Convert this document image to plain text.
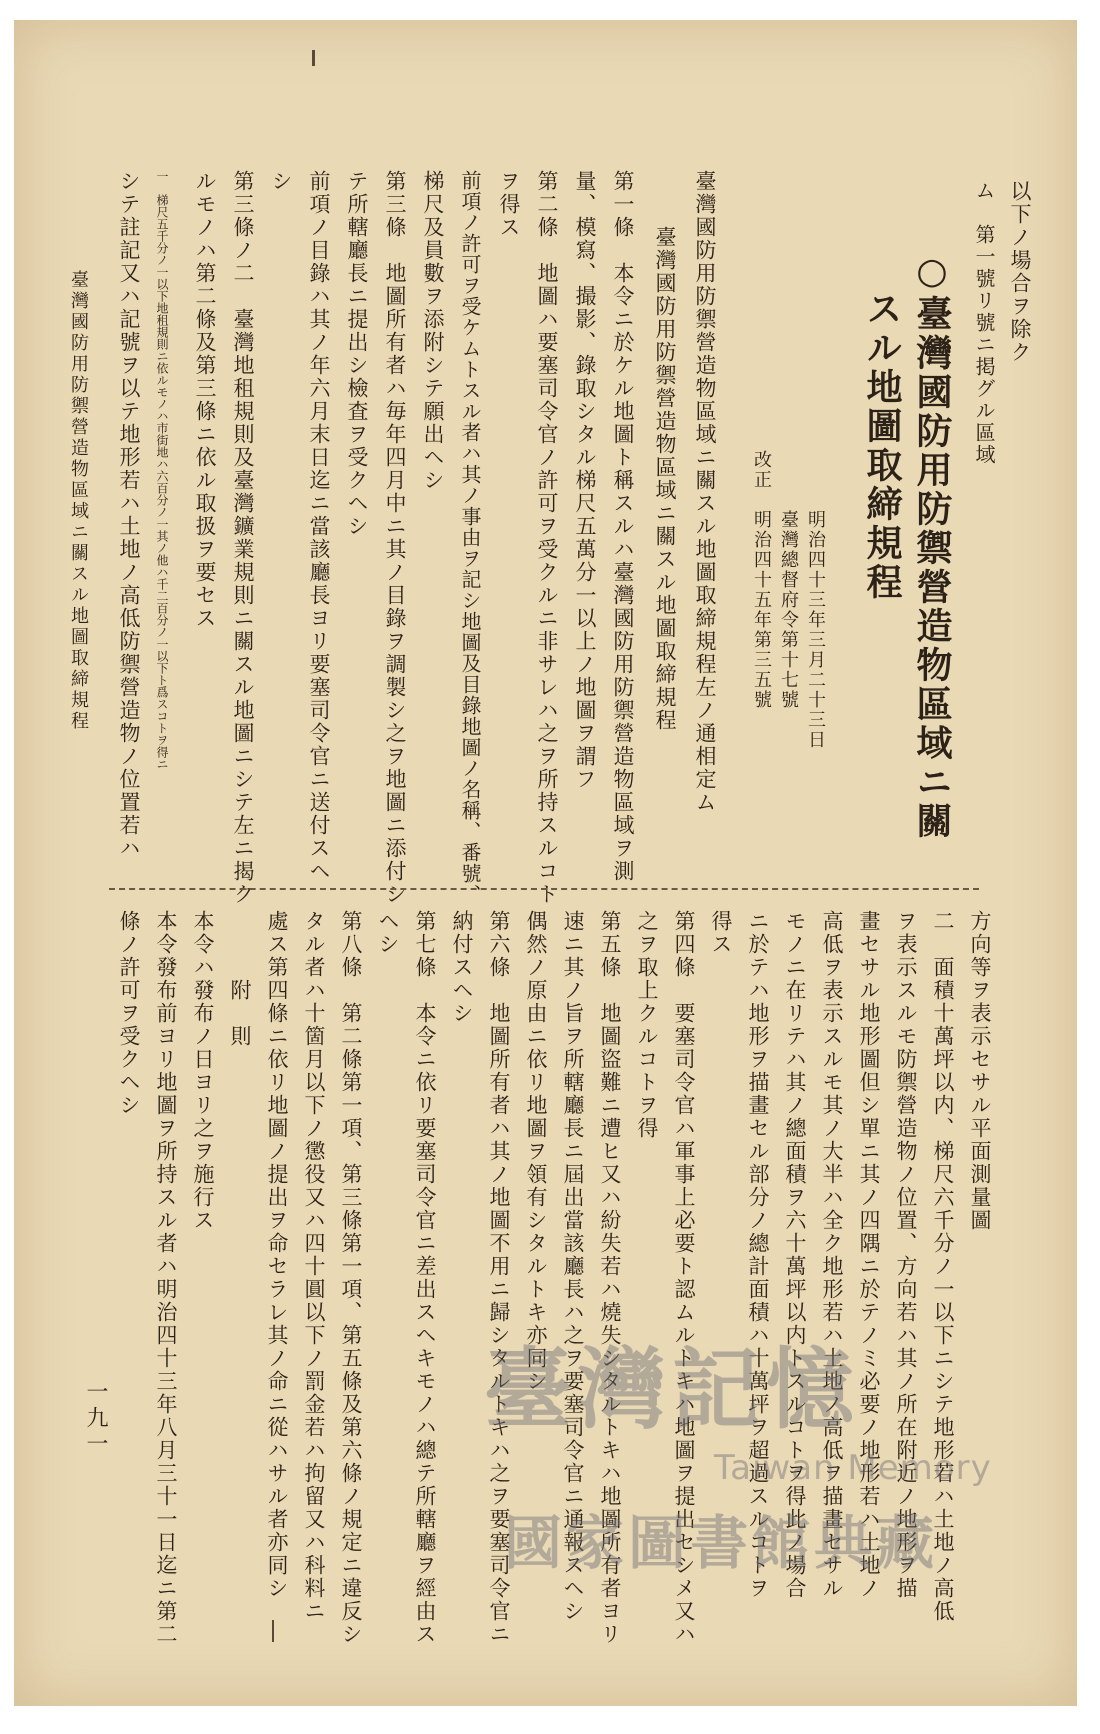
以下ノ場合ヲ除ク
ム　第一號リ號ニ掲グル區域
○臺灣國防用防禦營造物區域ニ關
スル地圖取締規程
明治四十三年三月二十三日
臺灣總督府令第十七號
改正　明治四十五年第三五號
臺灣國防用防禦營造物區域ニ關スル地圖取締規程左ノ通相定ム
　　臺灣國防用防禦營造物區域ニ關スル地圖取締規程
第一條　本令ニ於ケル地圖ト稱スルハ臺灣國防用防禦營造物區域ヲ測
量、模寫、撮影、錄取シタル梯尺五萬分一以上ノ地圖ヲ謂フ
第二條　地圖ハ要塞司令官ノ許可ヲ受クルニ非サレハ之ヲ所持スルコト
ヲ得ス
前項ノ許可ヲ受ケムトスル者ハ其ノ事由ヲ記シ地圖及目錄地圖ノ名稱、番號、
梯尺及員數ヲ添附シテ願出ヘシ
第三條　地圖所有者ハ毎年四月中ニ其ノ目錄ヲ調製シ之ヲ地圖ニ添付シ
テ所轄廳長ニ提出シ檢査ヲ受クヘシ
前項ノ目錄ハ其ノ年六月末日迄ニ當該廳長ヨリ要塞司令官ニ送付スヘ
シ
第三條ノ二　臺灣地租規則及臺灣鑛業規則ニ關スル地圖ニシテ左ニ揭ク
ルモノハ第二條及第三條ニ依ル取扱ヲ要セス
一　梯尺五千分ノ一以下地租規則ニ依ルモノハ市街地ハ六百分ノ一其ノ他ハ千二百分ノ一以下ト爲スコトヲ得ニ
シテ註記又ハ記號ヲ以テ地形若ハ土地ノ高低防禦營造物ノ位置若ハ
臺灣國防用防禦營造物區域ニ關スル地圖取締規程
方向等ヲ表示セサル平面測量圖
二　面積十萬坪以内、梯尺六千分ノ一以下ニシテ地形若ハ土地ノ高低
ヲ表示スルモ防禦營造物ノ位置、方向若ハ其ノ所在附近ノ地形ヲ描
畫セサル地形圖但シ單ニ其ノ四隅ニ於テノミ必要ノ地形若ハ土地ノ
高低ヲ表示スルモ其ノ大半ハ全ク地形若ハ土地ノ高低ヲ描畫セサル
モノニ在リテハ其ノ總面積ヲ六十萬坪以内トスルコトヲ得此ノ場合
ニ於テハ地形ヲ描畫セル部分ノ總計面積ハ十萬坪ヲ超過スルコトヲ
得ス
第四條　要塞司令官ハ軍事上必要ト認ムルトキハ地圖ヲ提出セシメ又ハ
之ヲ取上クルコトヲ得
第五條　地圖盜難ニ遭ヒ又ハ紛失若ハ燒失シタルトキハ地圖所有者ヨリ
速ニ其ノ旨ヲ所轄廳長ニ屆出當該廳長ハ之ヲ要塞司令官ニ通報スヘシ
偶然ノ原由ニ依リ地圖ヲ領有シタルトキ亦同シ
第六條　地圖所有者ハ其ノ地圖不用ニ歸シタルトキハ之ヲ要塞司令官ニ
納付スヘシ
第七條　本令ニ依リ要塞司令官ニ差出スヘキモノハ總テ所轄廳ヲ經由ス
ヘシ
第八條　第二條第一項、第三條第一項、第五條及第六條ノ規定ニ違反シ
タル者ハ十箇月以下ノ懲役又ハ四十圓以下ノ罰金若ハ拘留又ハ科料ニ
處ス第四條ニ依リ地圖ノ提出ヲ命セラレ其ノ命ニ從ハサル者亦同シ
　　　附　則
本令ハ發布ノ日ヨリ之ヲ施行ス
本令發布前ヨリ地圖ヲ所持スル者ハ明治四十三年八月三十一日迄ニ第二
條ノ許可ヲ受クヘシ
一九一	臺灣記憶
Taiwan Memory
國家圖書館典藏
